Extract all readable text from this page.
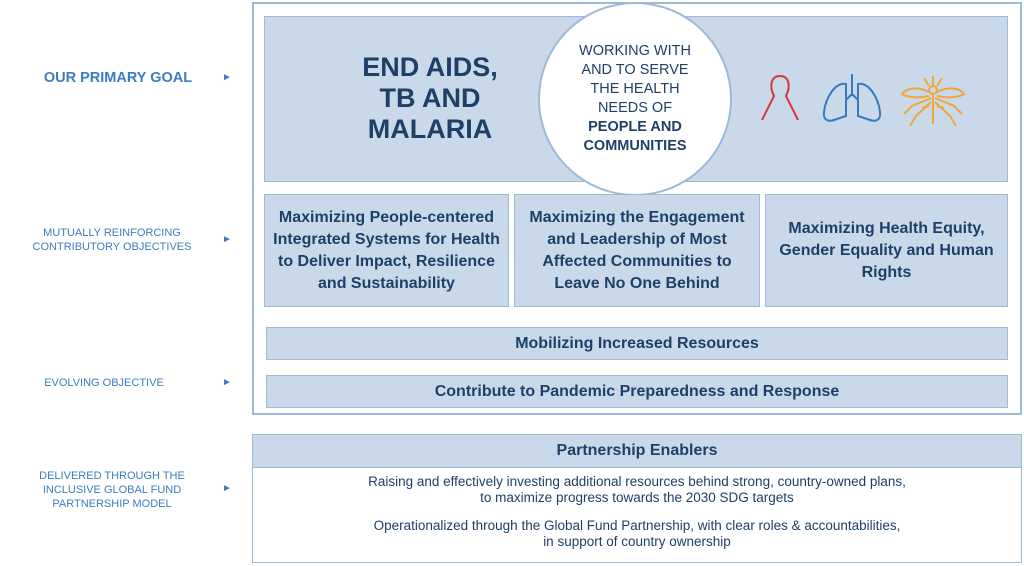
OUR PRIMARY GOAL	►
MUTUALLY REINFORCING
CONTRIBUTORY OBJECTIVES
►
EVOLVING OBJECTIVE	►
DELIVERED THROUGH THE
INCLUSIVE GLOBAL FUND
PARTNERSHIP MODEL
►
END AIDS,
TB AND
MALARIA
WORKING WITH
AND TO SERVE
THE HEALTH
NEEDS OF
PEOPLE AND
COMMUNITIES
Maximizing People-centered Integrated Systems for Health to Deliver Impact, Resilience and Sustainability
Maximizing the Engagement and Leadership of Most Affected Communities to Leave No One Behind
Maximizing Health Equity, Gender Equality and Human Rights
Mobilizing Increased Resources
Contribute to Pandemic Preparedness and Response
Partnership Enablers
Raising and effectively investing additional resources behind strong, country-owned plans,
to maximize progress towards the 2030 SDG targets
Operationalized through the Global Fund Partnership, with clear roles & accountabilities,
in support of country ownership
